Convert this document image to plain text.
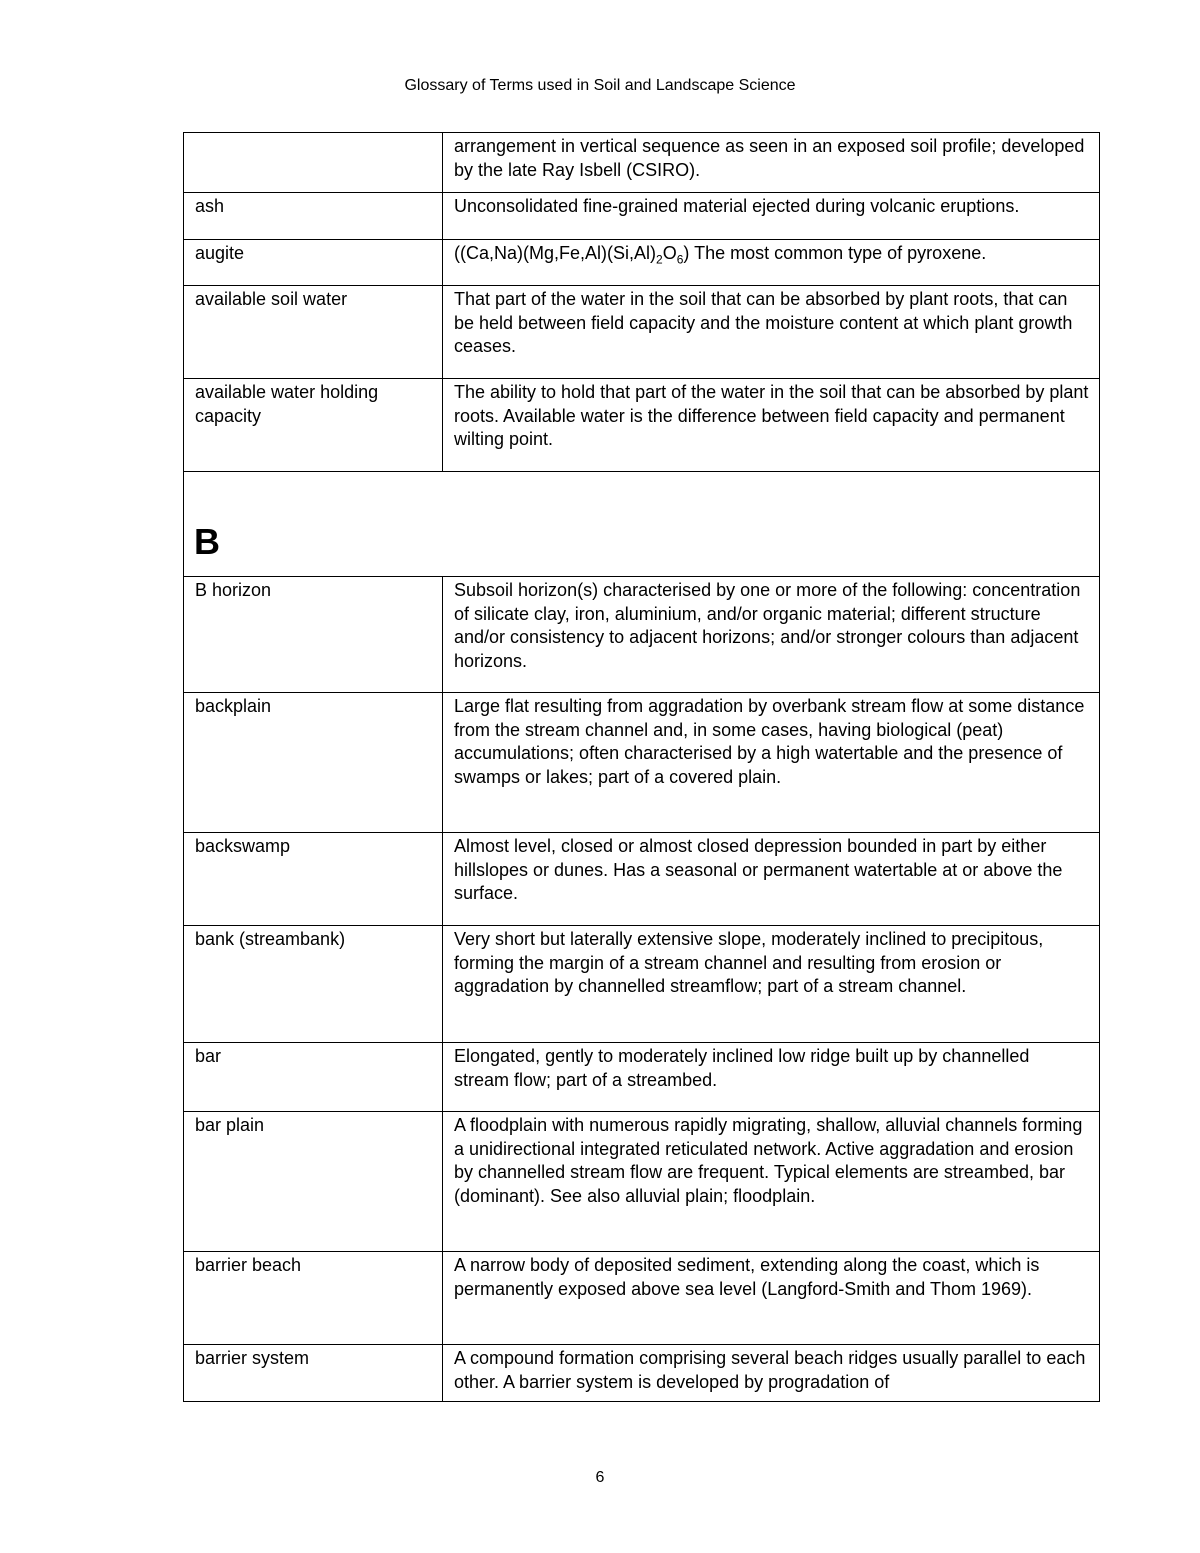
Glossary of Terms used in Soil and Landscape Science
	arrangement in vertical sequence as seen in an exposed soil profile; developed by the late Ray Isbell (CSIRO).
ash	Unconsolidated fine-grained material ejected during volcanic eruptions.
augite	$((Ca,Na)(Mg,Fe,Al)(Si,Al)_2O_6)$ The most common type of pyroxene.
available soil water	That part of the water in the soil that can be absorbed by plant roots, that can be held between field capacity and the moisture content at which plant growth ceases.
available water holding capacity	The ability to hold that part of the water in the soil that can be absorbed by plant roots. Available water is the difference between field capacity and permanent wilting point.

B	

B horizon	Subsoil horizon(s) characterised by one or more of the following: concentration of silicate clay, iron, aluminium, and/or organic material; different structure and/or consistency to adjacent horizons; and/or stronger colours than adjacent horizons.
backplain	Large flat resulting from aggradation by overbank stream flow at some distance from the stream channel and, in some cases, having biological (peat) accumulations; often characterised by a high watertable and the presence of swamps or lakes; part of a covered plain.
backswamp	Almost level, closed or almost closed depression bounded in part by either hillslopes or dunes. Has a seasonal or permanent watertable at or above the surface.
bank (streambank)	Very short but laterally extensive slope, moderately inclined to precipitous, forming the margin of a stream channel and resulting from erosion or aggradation by channelled streamflow; part of a stream channel.
bar	Elongated, gently to moderately inclined low ridge built up by channelled stream flow; part of a streambed.
bar plain	A floodplain with numerous rapidly migrating, shallow, alluvial channels forming a unidirectional integrated reticulated network. Active aggradation and erosion by channelled stream flow are frequent. Typical elements are streambed, bar (dominant). See also alluvial plain; floodplain.
barrier beach	A narrow body of deposited sediment, extending along the coast, which is permanently exposed above sea level (Langford-Smith and Thom 1969).
barrier system	A compound formation comprising several beach ridges usually parallel to each other. A barrier system is developed by progradation of
6
